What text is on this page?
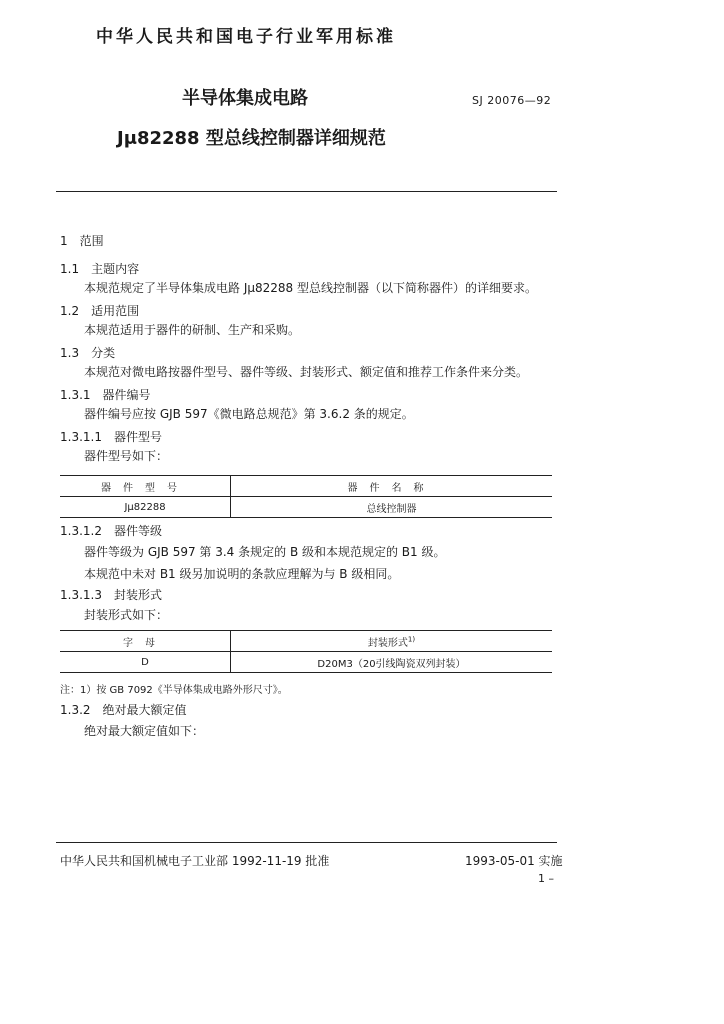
中华人民共和国电子行业军用标准
半导体集成电路	SJ 20076—92
Jμ82288 型总线控制器详细规范
1　范围
1.1　主题内容
本规范规定了半导体集成电路 Jμ82288 型总线控制器（以下简称器件）的详细要求。
1.2　适用范围
本规范适用于器件的研制、生产和采购。
1.3　分类
本规范对微电路按器件型号、器件等级、封装形式、额定值和推荐工作条件来分类。
1.3.1　器件编号
器件编号应按 GJB 597《微电路总规范》第 3.6.2 条的规定。
1.3.1.1　器件型号
器件型号如下：
器件型号	器件名称
Jμ82288	总线控制器
1.3.1.2　器件等级
器件等级为 GJB 597 第 3.4 条规定的 B 级和本规范规定的 B1 级。
本规范中未对 B1 级另加说明的条款应理解为与 B 级相同。
1.3.1.3　封装形式
封装形式如下：
字母	封装形式$^{1)}$
D	D20M3（20引线陶瓷双列封装）
注：1）按 GB 7092《半导体集成电路外形尺寸》。
1.3.2　绝对最大额定值
绝对最大额定值如下：
中华人民共和国机械电子工业部 1992-11-19 批准	1993-05-01 实施
1 –
